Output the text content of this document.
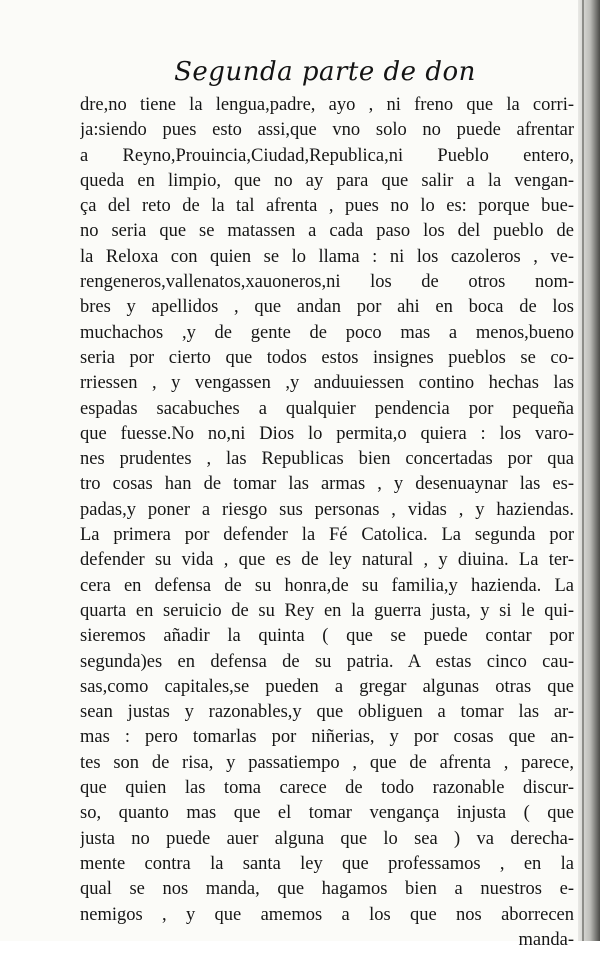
Segunda parte de don
dre,no tiene la lengua,padre, ayo , ni freno que la corri-
ja:siendo pues esto assi,que vno solo no puede afrentar
a Reyno,Prouincia,Ciudad,Republica,ni Pueblo entero,
queda en limpio, que no ay para que salir a la vengan-
ça del reto de la tal afrenta , pues no lo es: porque bue-
no seria que se matassen a cada paso los del pueblo de
la Reloxa con quien se lo llama : ni los cazoleros , ve-
rengeneros,vallenatos,xauoneros,ni los de otros nom-
bres y apellidos , que andan por ahi en boca de los
muchachos ,y de gente de poco mas a menos,bueno
seria por cierto que todos estos insignes pueblos se co-
rriessen , y vengassen ,y anduuiessen contino hechas las
espadas sacabuches a qualquier pendencia por pequeña
que fuesse.No no,ni Dios lo permita,o quiera : los varo-
nes prudentes , las Republicas bien concertadas por qua
tro cosas han de tomar las armas , y desenuaynar las es-
padas,y poner a riesgo sus personas , vidas , y haziendas.
La primera por defender la Fé Catolica. La segunda por
defender su vida , que es de ley natural , y diuina. La ter-
cera en defensa de su honra,de su familia,y hazienda. La
quarta en seruicio de su Rey en la guerra justa, y si le qui-
sieremos añadir la quinta ( que se puede contar por
segunda)es en defensa de su patria. A estas cinco cau-
sas,como capitales,se pueden a gregar algunas otras que
sean justas y razonables,y que obliguen a tomar las ar-
mas : pero tomarlas por niñerias, y por cosas que an-
tes son de risa, y passatiempo , que de afrenta , parece,
que quien las toma carece de todo razonable discur-
so, quanto mas que el tomar vengança injusta ( que
justa no puede auer alguna que lo sea ) va derecha-
mente contra la santa ley que professamos , en la
qual se nos manda, que hagamos bien a nuestros e-
nemigos , y que amemos a los que nos aborrecen
manda-
